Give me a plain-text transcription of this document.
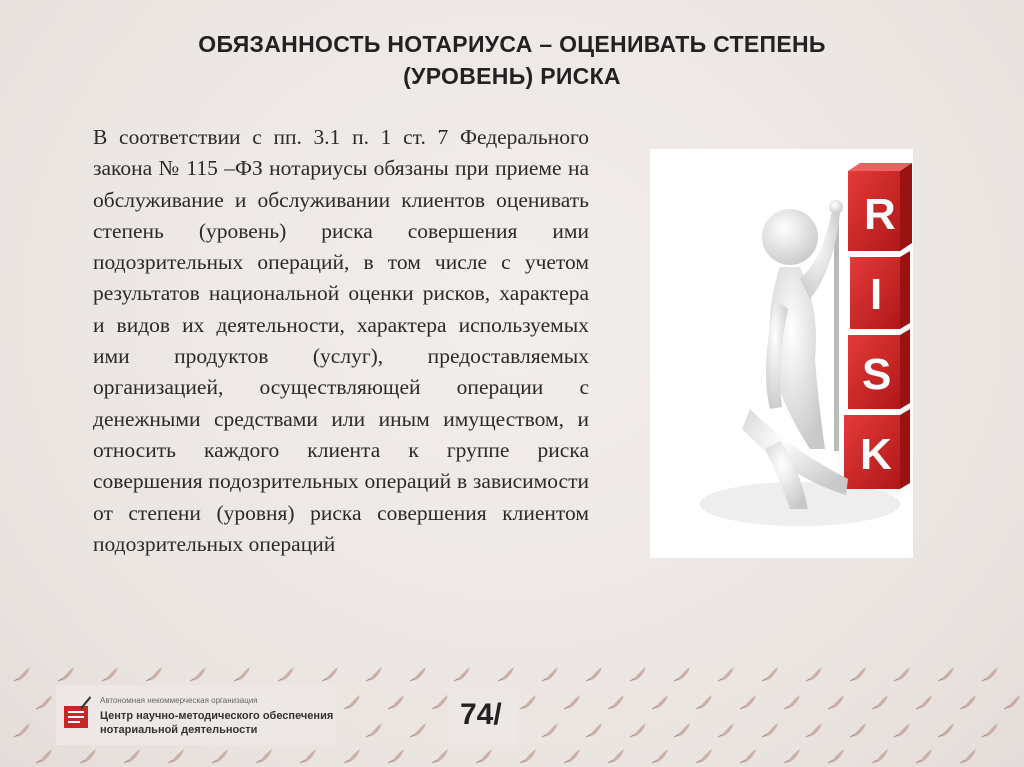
ОБЯЗАННОСТЬ НОТАРИУСА – ОЦЕНИВАТЬ СТЕПЕНЬ
(УРОВЕНЬ) РИСКА
В соответствии с пп. 3.1 п. 1 ст. 7 Федерального закона № 115 –ФЗ нотариусы обязаны при приеме на обслуживание и обслуживании клиентов оценивать степень (уровень) риска совершения ими подозрительных операций, в том числе с учетом результатов национальной оценки рисков, характера и видов их деятельности, характера используемых ими продуктов (услуг), предоставляемых организацией, осуществляющей операции с денежными средствами или иным имуществом, и относить каждого клиента к группе риска совершения подозрительных операций в зависимости от степени (уровня) риска совершения клиентом подозрительных операций
R
I
S
K
Автономная некоммерческая организация
Центр научно-методического обеспечения
нотариальной деятельности	74/
